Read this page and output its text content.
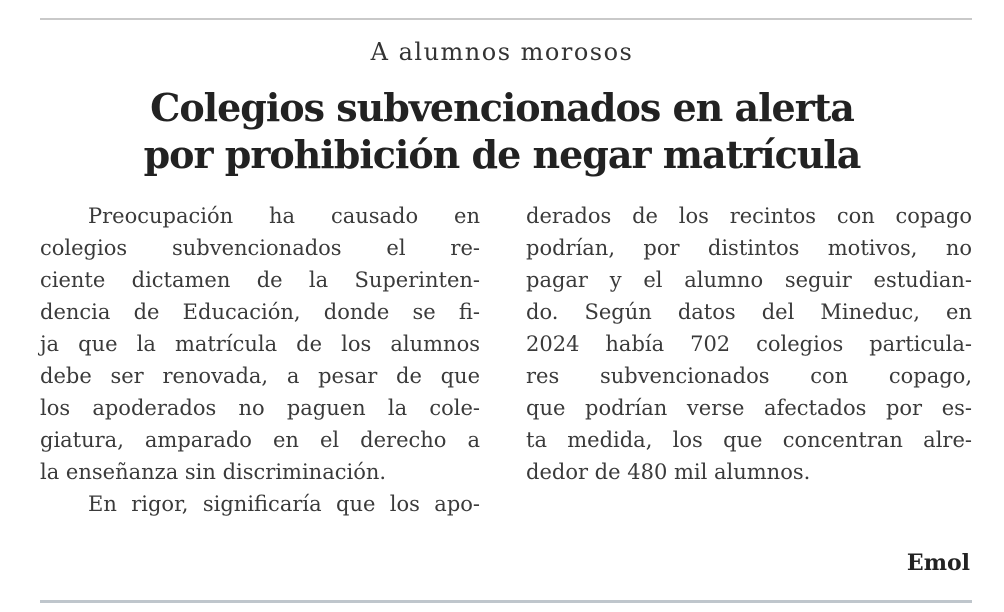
A alumnos morosos
Colegios subvencionados en alerta
por prohibición de negar matrícula
Preocupación ha causado en
colegios subvencionados el re-
ciente dictamen de la Superinten-
dencia de Educación, donde se fi-
ja que la matrícula de los alumnos
debe ser renovada, a pesar de que
los apoderados no paguen la cole-
giatura, amparado en el derecho a
la enseñanza sin discriminación.
En rigor, significaría que los apo-
derados de los recintos con copago
podrían, por distintos motivos, no
pagar y el alumno seguir estudian-
do. Según datos del Mineduc, en
2024 había 702 colegios particula-
res subvencionados con copago,
que podrían verse afectados por es-
ta medida, los que concentran alre-
dedor de 480 mil alumnos.
Emol
